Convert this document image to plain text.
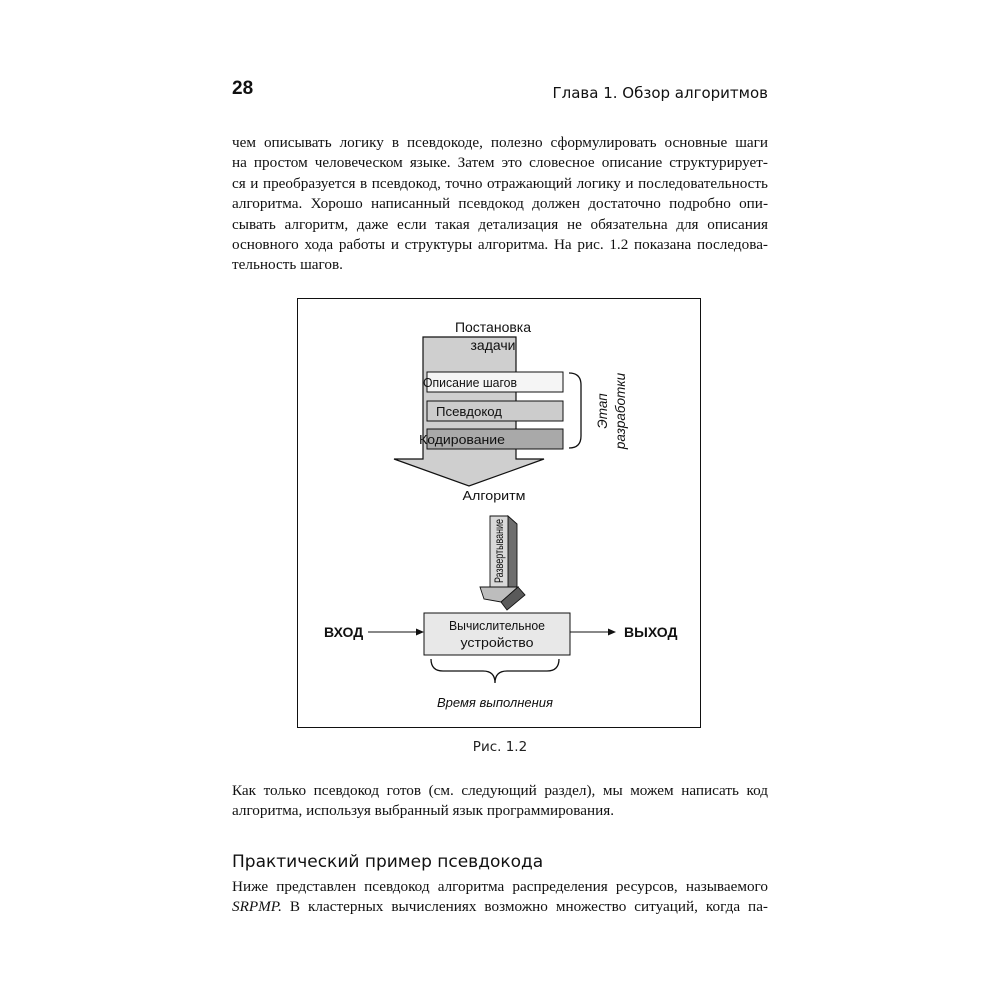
28	Глава 1. Обзор алгоритмов
чем описывать логику в псевдокоде, полезно сформулировать основные шаги
на простом человеческом языке. Затем это словесное описание структурирует-
ся и преобразуется в псевдокод, точно отражающий логику и последовательность
алгоритма. Хорошо написанный псевдокод должен достаточно подробно опи-
сывать алгоритм, даже если такая детализация не обязательна для описания
основного хода работы и структуры алгоритма. На рис. 1.2 показана последова-
тельность шагов.
Постановка
задачи
Описание шагов
Псевдокод
Кодирование
Этап разработки
Алгоритм
Развертывание
ВХОД	Вычислительное
устройство
ВЫХОД
Время выполнения
Рис. 1.2
Как только псевдокод готов (см. следующий раздел), мы можем написать код
алгоритма, используя выбранный язык программирования.
Практический пример псевдокода
Ниже представлен псевдокод алгоритма распределения ресурсов, называемого
SRPMP. В кластерных вычислениях возможно множество ситуаций, когда па-
